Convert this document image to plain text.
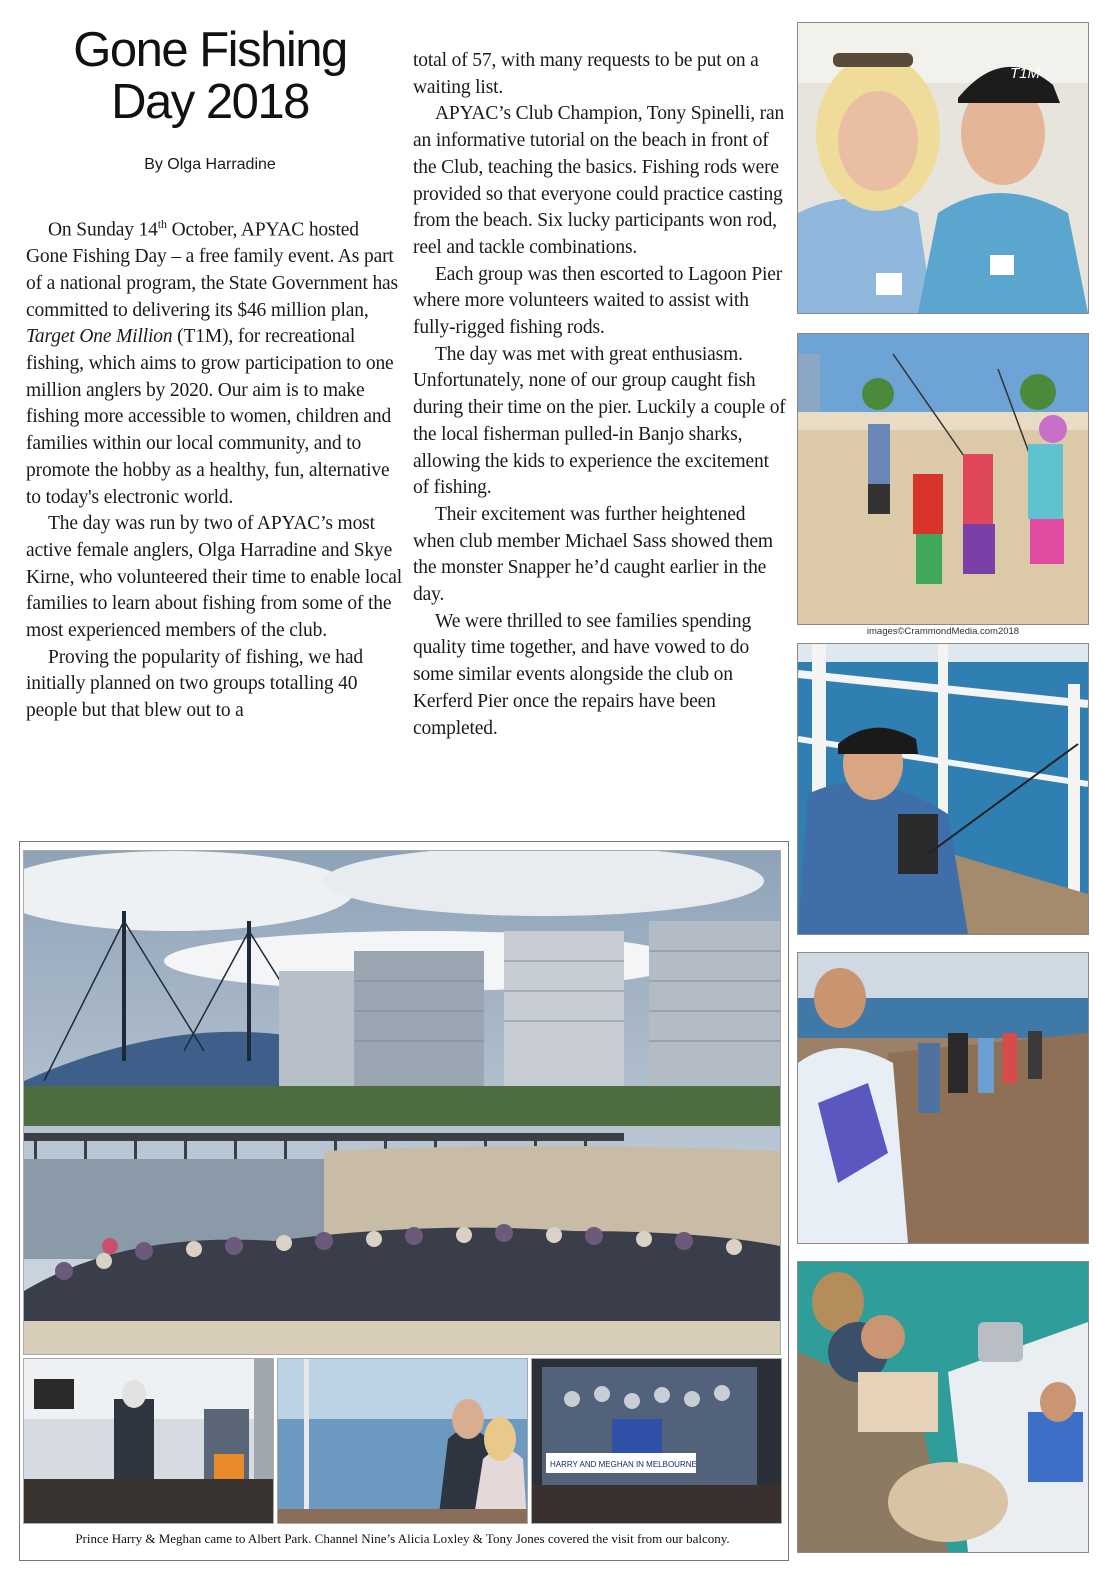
Gone Fishing
Day 2018
By Olga Harradine

On Sunday 14th October, APYAC hosted Gone Fishing Day – a free family event. As part of a national program, the State Government has committed to delivering its $46 million plan, Target One Million (T1M), for recreational fishing, which aims to grow participation to one million anglers by 2020. Our aim is to make fishing more accessible to women, children and families within our local community, and to promote the hobby as a healthy, fun, alternative to today's electronic world.

The day was run by two of APYAC’s most active female anglers, Olga Harradine and Skye Kirne, who volunteered their time to enable local families to learn about fishing from some of the most experienced members of the club.

Proving the popularity of fishing, we had initially planned on two groups totalling 40 people but that blew out to a

total of 57, with many requests to be put on a waiting list.

APYAC’s Club Champion, Tony Spinelli, ran an informative tutorial on the beach in front of the Club, teaching the basics. Fishing rods were provided so that everyone could practice casting from the beach. Six lucky participants won rod, reel and tackle combinations.

Each group was then escorted to Lagoon Pier where more volunteers waited to assist with fully-rigged fishing rods.

The day was met with great enthusiasm. Unfortunately, none of our group caught fish during their time on the pier. Luckily a couple of the local fisherman pulled-in Banjo sharks, allowing the kids to experience the excitement of fishing.

Their excitement was further heightened when club member Michael Sass showed them the monster Snapper he’d caught earlier in the day.

We were thrilled to see families spending quality time together, and have vowed to do some similar events alongside the club on Kerferd Pier once the repairs have been completed.

T1M
images©CrammondMedia.com2018
HARRY AND MEGHAN IN MELBOURNE
Prince Harry & Meghan came to Albert Park. Channel Nine’s Alicia Loxley & Tony Jones covered the visit from our balcony.
